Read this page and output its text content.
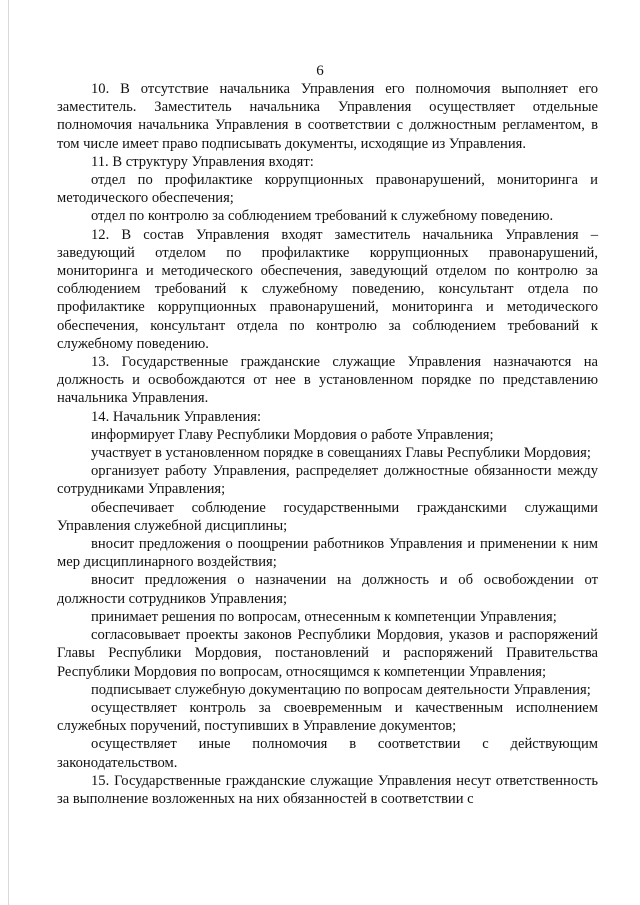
6

10. В отсутствие начальника Управления его полномочия выполняет его заместитель. Заместитель начальника Управления осуществляет отдельные полномочия начальника Управления в соответствии с должностным регламентом, в том числе имеет право подписывать документы, исходящие из Управления.

11. В структуру Управления входят:

отдел по профилактике коррупционных правонарушений, мониторинга и методического обеспечения;

отдел по контролю за соблюдением требований к служебному поведению.

12. В состав Управления входят заместитель начальника Управления – заведующий отделом по профилактике коррупционных правонарушений, мониторинга и методического обеспечения, заведующий отделом по контролю за соблюдением требований к служебному поведению, консультант отдела по профилактике коррупционных правонарушений, мониторинга и методического обеспечения, консультант отдела по контролю за соблюдением требований к служебному поведению.

13. Государственные гражданские служащие Управления назначаются на должность и освобождаются от нее в установленном порядке по представлению начальника Управления.

14. Начальник Управления:

информирует Главу Республики Мордовия о работе Управления;

участвует в установленном порядке в совещаниях Главы Республики Мордовия;

организует работу Управления, распределяет должностные обязанности между сотрудниками Управления;

обеспечивает соблюдение государственными гражданскими служащими Управления служебной дисциплины;

вносит предложения о поощрении работников Управления и применении к ним мер дисциплинарного воздействия;

вносит предложения о назначении на должность и об освобождении от должности сотрудников Управления;

принимает решения по вопросам, отнесенным к компетенции Управления;

согласовывает проекты законов Республики Мордовия, указов и распоряжений Главы Республики Мордовия, постановлений и распоряжений Правительства Республики Мордовия по вопросам, относящимся к компетенции Управления;

подписывает служебную документацию по вопросам деятельности Управления;

осуществляет контроль за своевременным и качественным исполнением служебных поручений, поступивших в Управление документов;

осуществляет иные полномочия в соответствии с действующим законодательством.

15. Государственные гражданские служащие Управления несут ответственность за выполнение возложенных на них обязанностей в соответствии с
